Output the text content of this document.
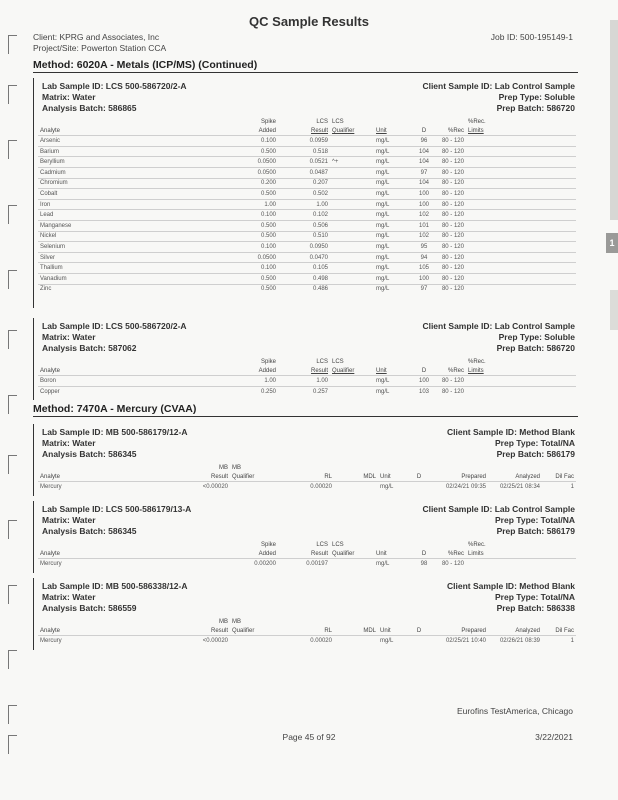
1
QC Sample Results
Client: KPRG and Associates, Inc
Project/Site: Powerton Station CCA
Job ID: 500-195149-1
Method: 6020A - Metals (ICP/MS) (Continued)
Lab Sample ID: LCS 500-586720/2-A
Matrix: Water
Analysis Batch: 586865
Client Sample ID: Lab Control Sample
Prep Type: Soluble
Prep Batch: 586720
	Spike	LCS	LCS				%Rec.
Analyte	Added	Result	Qualifier	Unit	D	%Rec	Limits
Arsenic	0.100	0.0959		mg/L	96	80 - 120	
Barium	0.500	0.518		mg/L	104	80 - 120	
Beryllium	0.0500	0.0521	^+	mg/L	104	80 - 120	
Cadmium	0.0500	0.0487		mg/L	97	80 - 120	
Chromium	0.200	0.207		mg/L	104	80 - 120	
Cobalt	0.500	0.502		mg/L	100	80 - 120	
Iron	1.00	1.00		mg/L	100	80 - 120	
Lead	0.100	0.102		mg/L	102	80 - 120	
Manganese	0.500	0.506		mg/L	101	80 - 120	
Nickel	0.500	0.510		mg/L	102	80 - 120	
Selenium	0.100	0.0950		mg/L	95	80 - 120	
Silver	0.0500	0.0470		mg/L	94	80 - 120	
Thallium	0.100	0.105		mg/L	105	80 - 120	
Vanadium	0.500	0.498		mg/L	100	80 - 120	
Zinc	0.500	0.486		mg/L	97	80 - 120	
Lab Sample ID: LCS 500-586720/2-A
Matrix: Water
Analysis Batch: 587062
Client Sample ID: Lab Control Sample
Prep Type: Soluble
Prep Batch: 586720
	Spike	LCS	LCS				%Rec.
Analyte	Added	Result	Qualifier	Unit	D	%Rec	Limits
Boron	1.00	1.00		mg/L	100	80 - 120	
Copper	0.250	0.257		mg/L	103	80 - 120	
Method: 7470A - Mercury (CVAA)
Lab Sample ID: MB 500-586179/12-A
Matrix: Water
Analysis Batch: 586345
Client Sample ID: Method Blank
Prep Type: Total/NA
Prep Batch: 586179
	MB	MB							
Analyte	Result	Qualifier	RL	MDL	Unit	D	Prepared	Analyzed	Dil Fac
Mercury	<0.00020		0.00020		mg/L		02/24/21 09:35	02/25/21 08:34	1
Lab Sample ID: LCS 500-586179/13-A
Matrix: Water
Analysis Batch: 586345
Client Sample ID: Lab Control Sample
Prep Type: Total/NA
Prep Batch: 586179
	Spike	LCS	LCS				%Rec.
Analyte	Added	Result	Qualifier	Unit	D	%Rec	Limits
Mercury	0.00200	0.00197		mg/L	98	80 - 120	
Lab Sample ID: MB 500-586338/12-A
Matrix: Water
Analysis Batch: 586559
Client Sample ID: Method Blank
Prep Type: Total/NA
Prep Batch: 586338
	MB	MB							
Analyte	Result	Qualifier	RL	MDL	Unit	D	Prepared	Analyzed	Dil Fac
Mercury	<0.00020		0.00020		mg/L		02/25/21 10:40	02/26/21 08:39	1
Eurofins TestAmerica, Chicago
Page 45 of 92	3/22/2021
